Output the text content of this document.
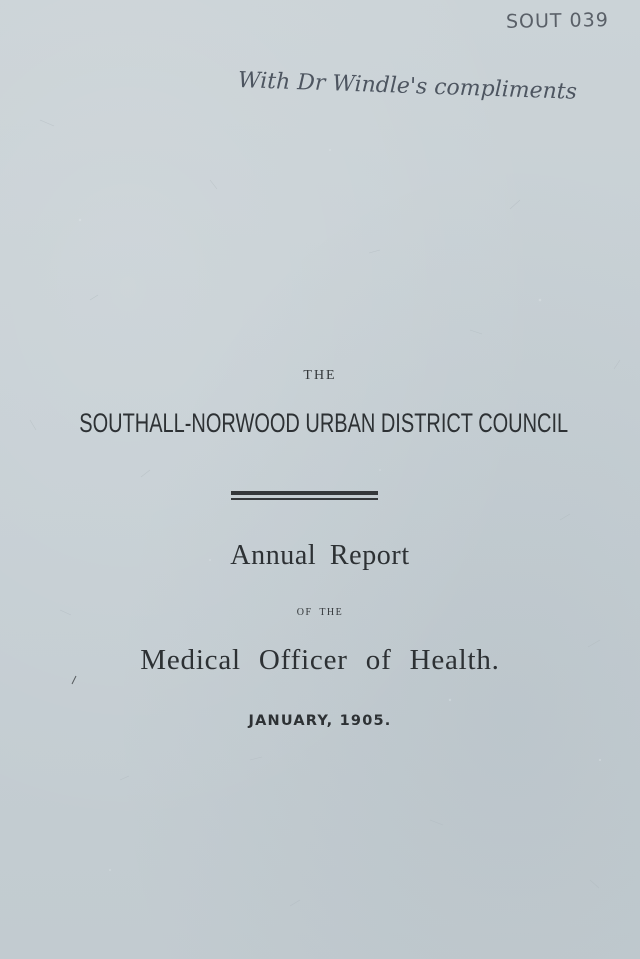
SOUT 039
With Dr Windle's compliments
THE
SOUTHALL-NORWOOD URBAN DISTRICT COUNCIL
Annual Report
OF THE
Medical Officer of Health.
JANUARY, 1905.
